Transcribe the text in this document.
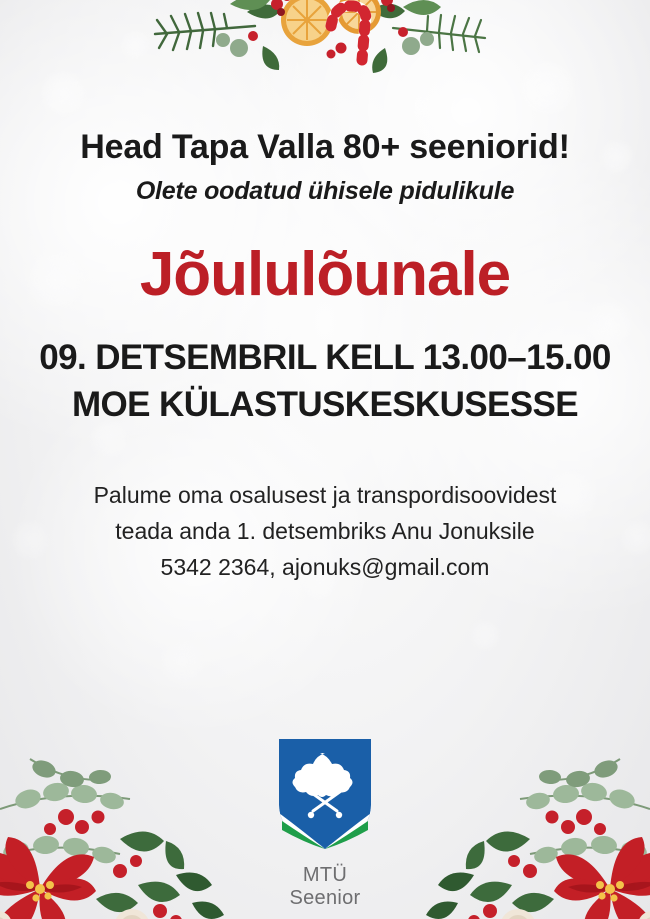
Head Tapa Valla 80+ seeniorid!
Olete oodatud ühisele pidulikule
Jõululõunale
09. DETSEMBRIL KELL 13.00–15.00
MOE KÜLASTUSKESKUSESSE
Palume oma osalusest ja transpordisoovidest
teada anda 1. detsembriks Anu Jonuksile
5342 2364, ajonuks@gmail.com
MTÜ Seenior
